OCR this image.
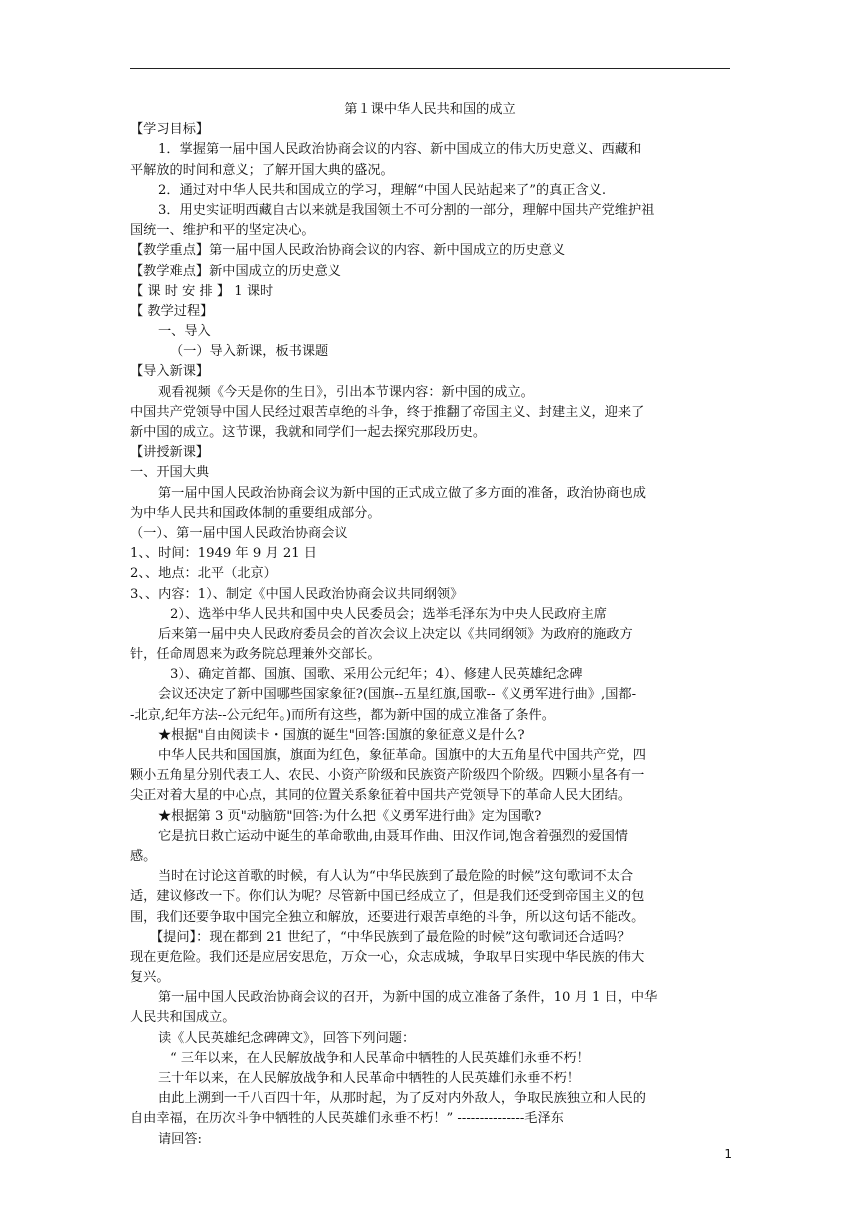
第１课中华人民共和国的成立
【学习目标】
1．掌握第一届中国人民政治协商会议的内容、新中国成立的伟大历史意义、西藏和
平解放的时间和意义；了解开国大典的盛况。
2．通过对中华人民共和国成立的学习，理解“中国人民站起来了”的真正含义.
3．用史实证明西藏自古以来就是我国领土不可分割的一部分，理解中国共产党维护祖
国统一、维护和平的坚定决心。
【教学重点】第一届中国人民政治协商会议的内容、新中国成立的历史意义
【教学难点】新中国成立的历史意义
【 课 时 安 排 】 1 课时
【 教学过程】
一、导入
（一）导入新课，板书课题
【导入新课】
观看视频《今天是你的生日》，引出本节课内容：新中国的成立。
中国共产党领导中国人民经过艰苦卓绝的斗争，终于推翻了帝国主义、封建主义，迎来了
新中国的成立。这节课，我就和同学们一起去探究那段历史。
【讲授新课】
一、开国大典
第一届中国人民政治协商会议为新中国的正式成立做了多方面的准备，政治协商也成
为中华人民共和国政体制的重要组成部分。
（一）、第一届中国人民政治协商会议
1、、时间：1949 年 9 月 21 日
2、、地点：北平（北京）
3、、内容：1）、制定《中国人民政治协商会议共同纲领》
2）、选举中华人民共和国中央人民委员会；选举毛泽东为中央人民政府主席
后来第一届中央人民政府委员会的首次会议上决定以《共同纲领》为政府的施政方
针，任命周恩来为政务院总理兼外交部长。
3）、确定首都、国旗、国歌、采用公元纪年；4）、修建人民英雄纪念碑
会议还决定了新中国哪些国家象征?(国旗--五星红旗,国歌--《义勇军进行曲》,国都-
-北京,纪年方法--公元纪年。)而所有这些，都为新中国的成立准备了条件。
★根据"自由阅读卡・国旗的诞生"回答:国旗的象征意义是什么?
中华人民共和国国旗，旗面为红色，象征革命。国旗中的大五角星代中国共产党，四
颗小五角星分别代表工人、农民、小资产阶级和民族资产阶级四个阶级。四颗小星各有一
尖正对着大星的中心点，其同的位置关系象征着中国共产党领导下的革命人民大团结。
★根据第 3 页"动脑筋"回答:为什么把《义勇军进行曲》定为国歌?
它是抗日救亡运动中诞生的革命歌曲,由聂耳作曲、田汉作词,饱含着强烈的爱国情
感。
当时在讨论这首歌的时候，有人认为“中华民族到了最危险的时候”这句歌词不太合
适，建议修改一下。你们认为呢？尽管新中国已经成立了，但是我们还受到帝国主义的包
围，我们还要争取中国完全独立和解放，还要进行艰苦卓绝的斗争，所以这句话不能改。
【提问】：现在都到 21 世纪了，“中华民族到了最危险的时候”这句歌词还合适吗？
现在更危险。我们还是应居安思危，万众一心，众志成城，争取早日实现中华民族的伟大
复兴。
第一届中国人民政治协商会议的召开，为新中国的成立准备了条件，10 月 1 日，中华
人民共和国成立。
读《人民英雄纪念碑碑文》，回答下列问题：
“ 三年以来，在人民解放战争和人民革命中牺牲的人民英雄们永垂不朽！
三十年以来，在人民解放战争和人民革命中牺牲的人民英雄们永垂不朽！
由此上溯到一千八百四十年，从那时起，为了反对内外敌人，争取民族独立和人民的
自由幸福，在历次斗争中牺牲的人民英雄们永垂不朽！” ---------------毛泽东
请回答:
1
